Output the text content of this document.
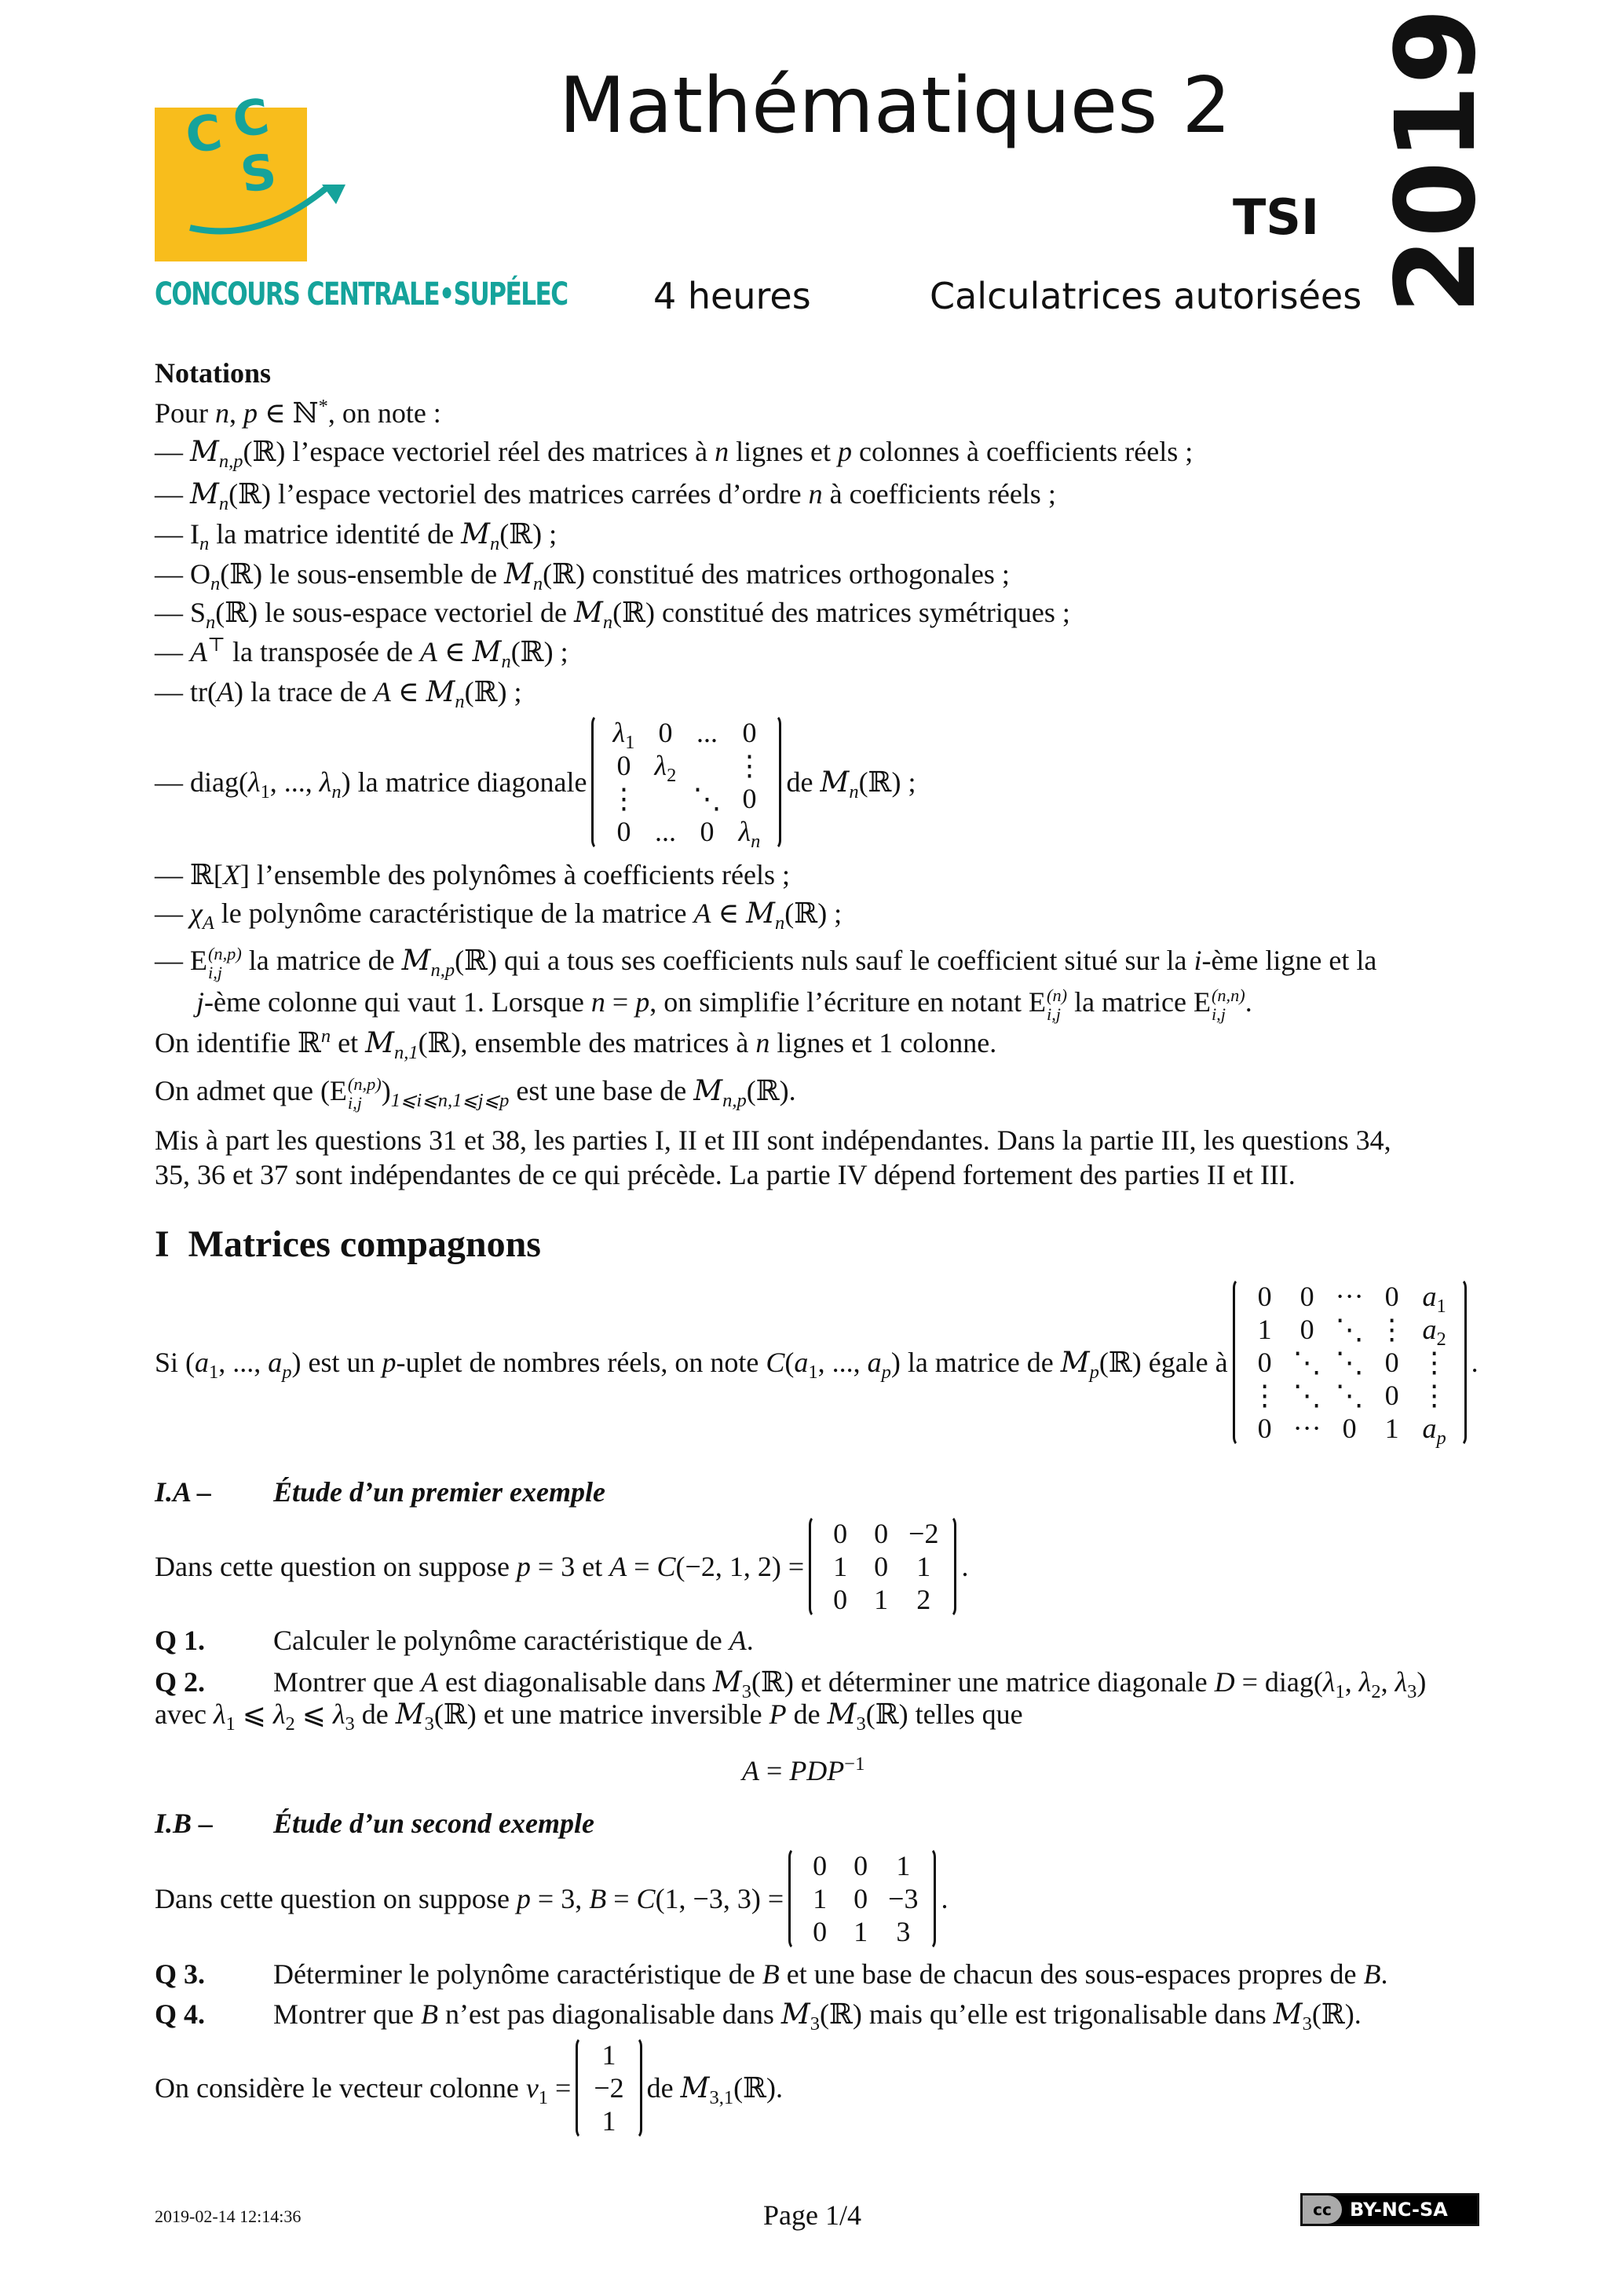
C C
S
CONCOURS CENTRALE•SUPÉLEC
Mathématiques 2
TSI 2019
4 heures	Calculatrices autorisées
Notations
Pour n, p ∈ ℕ*, on note :
— $M_{n,p}(ℝ)$ l’espace vectoriel réel des matrices à n lignes et p colonnes à coefficients réels ;
— $M_n(ℝ)$ l’espace vectoriel des matrices carrées d’ordre n à coefficients réels ;
— $I_n$ la matrice identité de $M_n(ℝ)$ ;
— $O_n(ℝ)$ le sous-ensemble de $M_n(ℝ)$ constitué des matrices orthogonales ;
— $S_n(ℝ)$ le sous-espace vectoriel de $M_n(ℝ)$ constitué des matrices symétriques ;
— A⊤ la transposée de A ∈ $M_n(ℝ)$ ;
— tr(A) la trace de A ∈ $M_n(ℝ)$ ;
— $diag(\lambda_1$, ..., $\lambda_n$) la matrice diagonale
$\lambda_1$ 0 ... 0
0 $\lambda_2$ ⋮
⋮ ⋱ 0
0 ... 0 $\lambda_n$
de $M_n(ℝ)$ ;
— ℝ[X] l’ensemble des polynômes à coefficients réels ;
— $\chi_A$ le polynôme caractéristique de la matrice A ∈ $M_n(ℝ)$ ;
— E (n,p)
i,j la matrice de $M_{n,p}(ℝ)$ qui a tous ses coefficients nuls sauf le coefficient situé sur la i-ème ligne et la
j-ème colonne qui vaut 1. Lorsque n = p, on simplifie l’écriture en notant E (n)
i,j la matrice E (n,n)
i,j .
On identifie ℝ$^n$ et $M_{n,1}(ℝ)$, ensemble des matrices à n lignes et 1 colonne.
On admet que (E (n,p)
i,j )$_{1⩽i⩽n,1⩽j⩽p}$ est une base de $M_{n,p}(ℝ)$.
Mis à part les questions 31 et 38, les parties I, II et III sont indépendantes. Dans la partie III, les questions 34,
35, 36 et 37 sont indépendantes de ce qui précède. La partie IV dépend fortement des parties II et III.
I  Matrices compagnons
Si ($a_1$, ..., $a_p$) est un p-uplet de nombres réels, on note $C(a_1$, ..., $a_p$) la matrice de $M_p(ℝ)$ égale à
0 0 ··· 0 $a_1$
1 0 ⋱ ⋮ $a_2$
0 ⋱ ⋱ 0 ⋮
⋮ ⋱ ⋱ 0 ⋮
0 ··· 0 1 $a_p$
.
I.A – Étude d’un premier exemple
Dans cette question on suppose p = 3 et A = C(−2, 1, 2) =
0 0 −2
1 0 1
0 1 2
.
Q 1. Calculer le polynôme caractéristique de A.
Q 2. Montrer que A est diagonalisable dans $M_3(ℝ)$ et déterminer une matrice diagonale $D = diag(\lambda_1$, $\lambda_2$, $\lambda_3$)
avec $\lambda_1$ ⩽ $\lambda_2$ ⩽ $\lambda_3$ de $M_3(ℝ)$ et une matrice inversible P de $M_3(ℝ)$ telles que
$A = PDP^{-1}$
I.B – Étude d’un second exemple
Dans cette question on suppose p = 3, B = C(1, −3, 3) =
0 0 1
1 0 −3
0 1 3
.
Q 3. Déterminer le polynôme caractéristique de B et une base de chacun des sous-espaces propres de B.
Q 4. Montrer que B n’est pas diagonalisable dans $M_3(ℝ)$ mais qu’elle est trigonalisable dans $M_3(ℝ)$.
On considère le vecteur colonne $v_1$ =
1
−2
1
de $M_{3,1}(ℝ)$.
2019-02-14 12:14:36	Page 1/4	cc BY-NC-SA
